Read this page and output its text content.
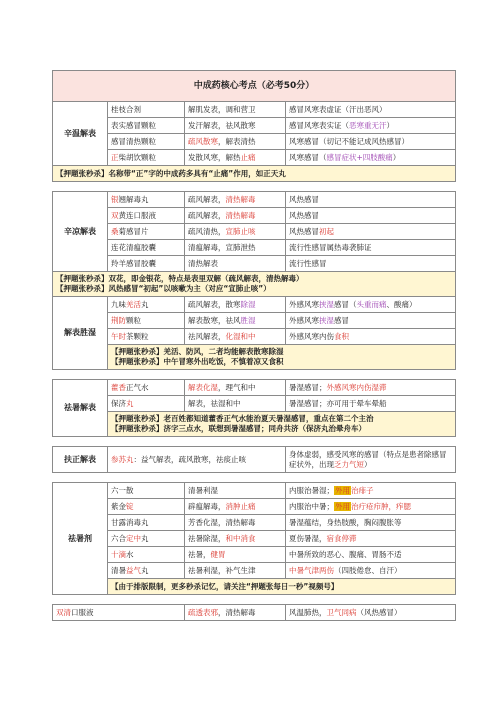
中成药核心考点（必考50分）			
辛温解表	桂枝合剂	解肌发表，调和营卫	感冒风寒表虚证（汗出恶风）
	表实感冒颗粒	发汗解表，祛风散寒	感冒风寒表实证（恶寒重无汗）
	感冒清热颗粒	疏风散寒，解表清热	风寒感冒（切记不能记成风热感冒）
	正柴胡饮颗粒	发散风寒，解热止痛	风寒感冒（感冒症状+四肢酸痛）
【押题张秒杀】名称带“正”字的中成药多具有“止痛”作用，如正天丸			

辛凉解表	银翘解毒丸	疏风解表，清热解毒	风热感冒
	双黄连口服液	疏风解表，清热解毒	风热感冒
	桑菊感冒片	疏风清热，宣肺止咳	风热感冒初起
	连花清瘟胶囊	清瘟解毒，宣肺泄热	流行性感冒属热毒袭肺证
	羚羊感冒胶囊	清热解表	流行性感冒

【押题张秒杀】双花，即金银花，特点是表里双解（疏风解表，清热解毒）
【押题张秒杀】风热感冒“初起”以咳嗽为主（对应“宣肺止咳”）			

解表胜湿	九味羌活丸	疏风解表，散寒除湿	外感风寒挟湿感冒（头重而痛、酸痛）
	荆防颗粒	解表散寒，祛风胜湿	外感风寒挟湿感冒
	午时茶颗粒	祛风解表，化湿和中	外感风寒内伤食积

	【押题张秒杀】羌活、防风，二者均能解表散寒除湿
【押题张秒杀】中午冒寒外出吃饭，不慎着凉又食积		

祛暑解表	藿香正气水	解表化湿，理气和中	暑湿感冒；外感风寒内伤湿滞
	保济丸	解表，祛湿和中	暑湿感冒；亦可用于晕车晕船

	【押题张秒杀】老百姓都知道藿香正气水能治夏天暑湿感冒，重点在第二个主治
【押题张秒杀】济字三点水，联想到暑湿感冒；同舟共济（保济丸治晕舟车）		

扶正解表	参苏丸：益气解表，疏风散寒，祛痰止咳		身体虚弱，感受风寒的感冒（特点是患者除感冒症状外，出现乏力气短）

祛暑剂	六一散	清暑利湿	内服治暑湿；外用治痱子
	紫金锭	辟瘟解毒，消肿止痛	内服治中暑；外用治疔疮疖肿，痄腮
	甘露消毒丸	芳香化湿，清热解毒	暑湿蕴结，身热肢酸，胸闷腹胀等
	六合定中丸	祛暑除湿，和中消食	夏伤暑湿，宿食停滞
	十滴水	祛暑，健胃	中暑所致的恶心、腹痛、胃肠不适
	清暑益气丸	祛暑利湿，补气生津	中暑气津两伤（四肢倦怠、自汗）
	【由于排版限制，更多秒杀记忆，请关注“押题张每日一秒”视频号】		

双清口服液		疏透表邪，清热解毒	风温肺热，卫气同病（风热感冒）
